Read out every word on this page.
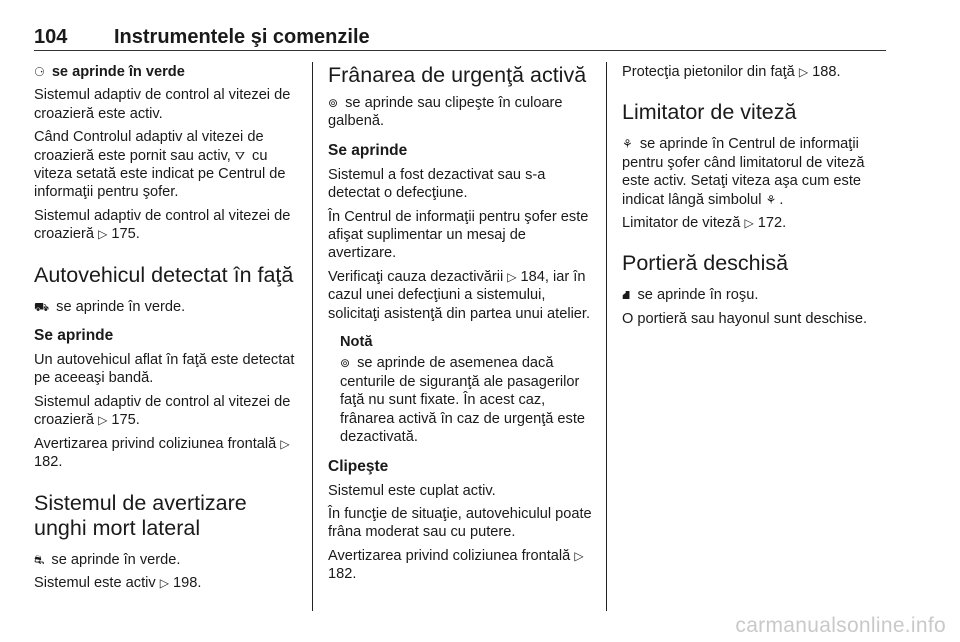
104 Instrumentele şi comenzile

⚆ se aprinde în verde

Sistemul adaptiv de control al vitezei de croazieră este activ.

Când Controlul adaptiv al vitezei de croazieră este pornit sau activ, ⛛ cu viteza setată este indicat pe Centrul de informaţii pentru şofer.

Sistemul adaptiv de control al vitezei de croazieră ▷ 175.

Autovehicul detectat în faţă

⛟ se aprinde în verde.

Se aprinde

Un autovehicul aflat în faţă este detectat pe aceeaşi bandă.

Sistemul adaptiv de control al vitezei de croazieră ▷ 175.

Avertizarea privind coliziunea frontală ▷ 182.

Sistemul de avertizare unghi mort lateral

⛐ se aprinde în verde.

Sistemul este activ ▷ 198.

Frânarea de urgenţă activă

⊚ se aprinde sau clipeşte în culoare galbenă.

Se aprinde

Sistemul a fost dezactivat sau s-a detectat o defecţiune.

În Centrul de informaţii pentru şofer este afişat suplimentar un mesaj de avertizare.

Verificaţi cauza dezactivării ▷ 184, iar în cazul unei defecţiuni a sistemului, solicitaţi asistenţă din partea unui atelier.

Notă

⊚ se aprinde de asemenea dacă centurile de siguranţă ale pasagerilor faţă nu sunt fixate. În acest caz, frânarea activă în caz de urgenţă este dezactivată.

Clipeşte

Sistemul este cuplat activ.

În funcţie de situaţie, autovehiculul poate frâna moderat sau cu putere.

Avertizarea privind coliziunea frontală ▷ 182.

Protecţia pietonilor din faţă ▷ 188.

Limitator de viteză

⚘ se aprinde în Centrul de informaţii pentru şofer când limitatorul de viteză este activ. Setaţi viteza aşa cum este indicat lângă simbolul ⚘ .

Limitator de viteză ▷ 172.

Portieră deschisă

⛘ se aprinde în roşu.

O portieră sau hayonul sunt deschise.

carmanualsonline.info
